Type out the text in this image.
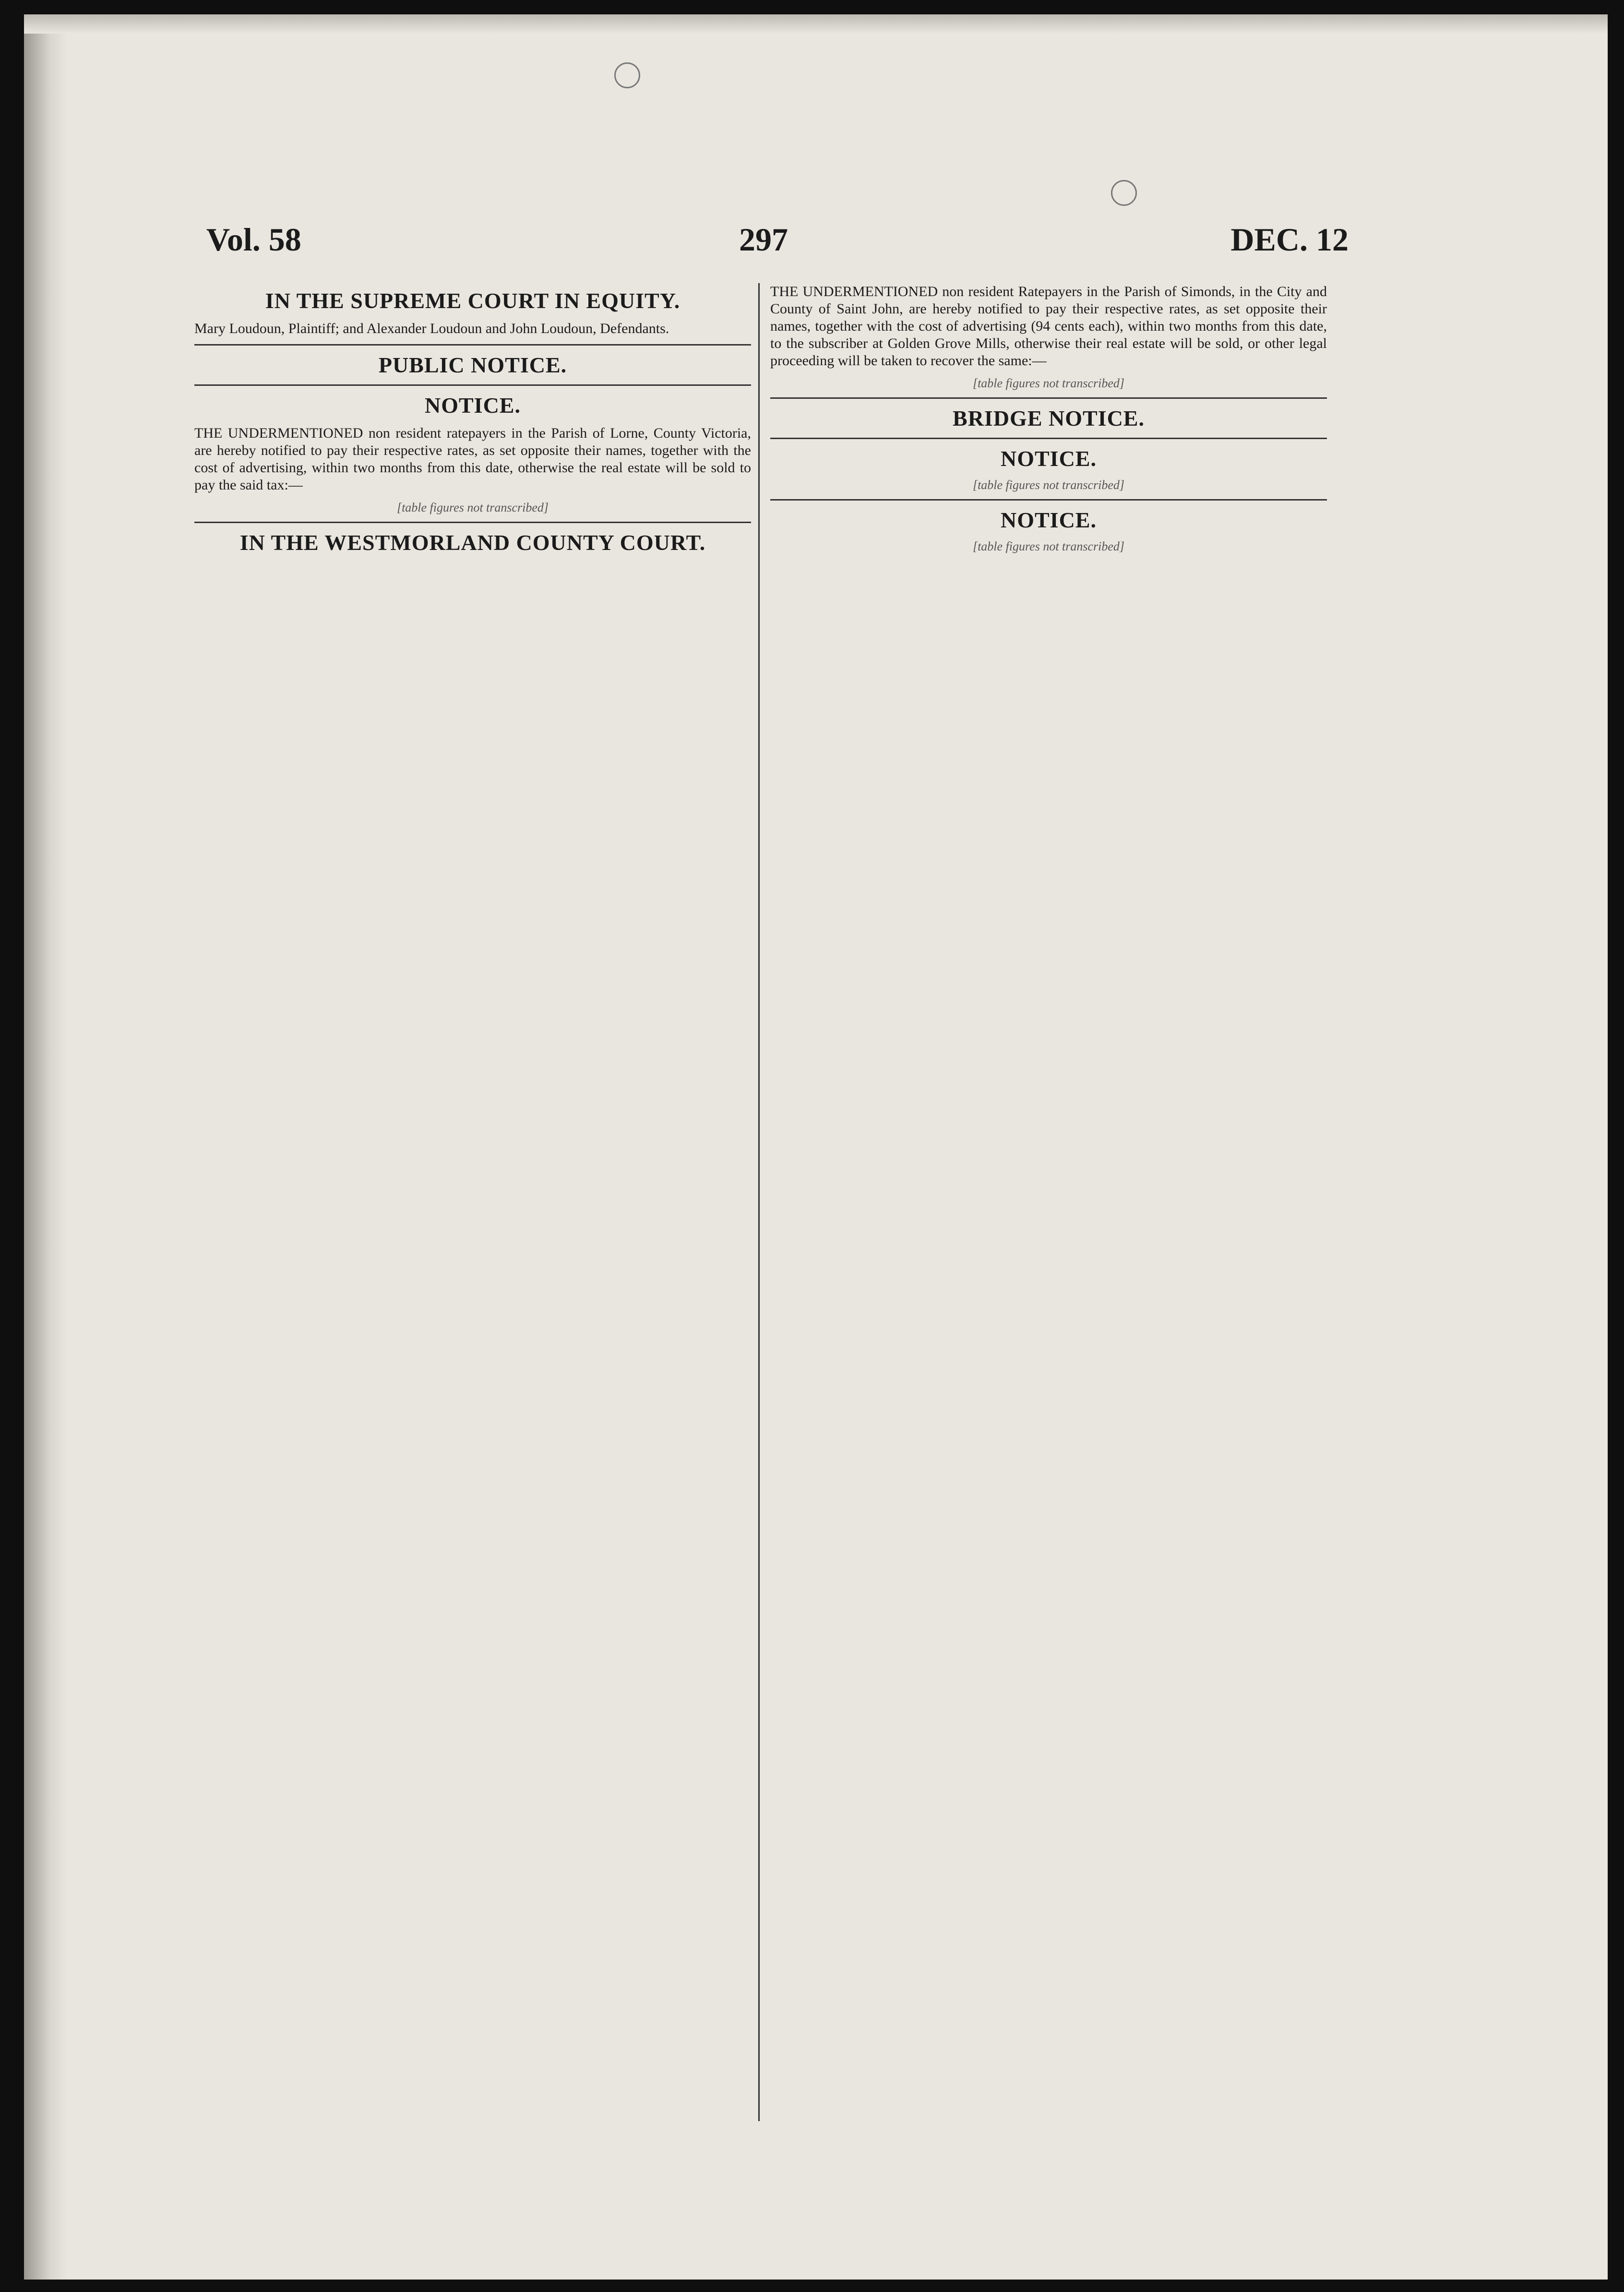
Vol. 58	297	DEC. 12
IN THE SUPREME COURT IN EQUITY.

Mary Loudoun, Plaintiff; and Alexander Loudoun and John Loudoun, Defendants.

PUBLIC NOTICE.
NOTICE.

THE UNDERMENTIONED non resident ratepayers in the Parish of Lorne, County Victoria, are hereby notified to pay their respective rates, as set opposite their names, together with the cost of advertising, within two months from this date, otherwise the real estate will be sold to pay the said tax:—

[table figures not transcribed]

IN THE WESTMORLAND COUNTY COURT.

THE UNDERMENTIONED non resident Ratepayers in the Parish of Simonds, in the City and County of Saint John, are hereby notified to pay their respective rates, as set opposite their names, together with the cost of advertising (94 cents each), within two months from this date, to the subscriber at Golden Grove Mills, otherwise their real estate will be sold, or other legal proceeding will be taken to recover the same:—

[table figures not transcribed]

BRIDGE NOTICE.
NOTICE.

[table figures not transcribed]

NOTICE.

[table figures not transcribed]
